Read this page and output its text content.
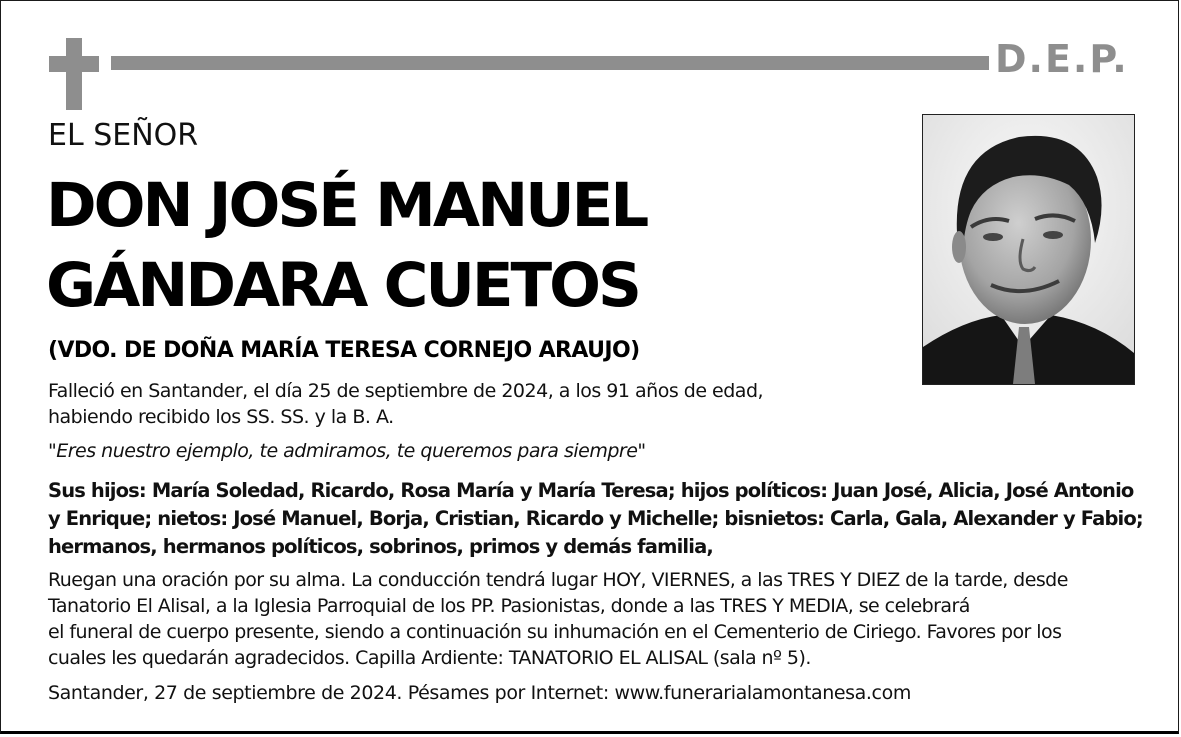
D.E.P.
EL SEÑOR
DON JOSÉ MANUEL
GÁNDARA CUETOS
(VDO. DE DOÑA MARÍA TERESA CORNEJO ARAUJO)
Falleció en Santander, el día 25 de septiembre de 2024, a los 91 años de edad,
habiendo recibido los SS. SS. y la B. A.
"Eres nuestro ejemplo, te admiramos, te queremos para siempre"
Sus hijos: María Soledad, Ricardo, Rosa María y María Teresa; hijos políticos: Juan José, Alicia, José Antonio
y Enrique; nietos: José Manuel, Borja, Cristian, Ricardo y Michelle; bisnietos: Carla, Gala, Alexander y Fabio;
hermanos, hermanos políticos, sobrinos, primos y demás familia,
Ruegan una oración por su alma. La conducción tendrá lugar HOY, VIERNES, a las TRES Y DIEZ de la tarde, desde
Tanatorio El Alisal, a la Iglesia Parroquial de los PP. Pasionistas, donde a las TRES Y MEDIA, se celebrará
el funeral de cuerpo presente, siendo a continuación su inhumación en el Cementerio de Ciriego. Favores por los
cuales les quedarán agradecidos. Capilla Ardiente: TANATORIO EL ALISAL (sala nº 5).
Santander, 27 de septiembre de 2024. Pésames por Internet: www.funerarialamontanesa.com
